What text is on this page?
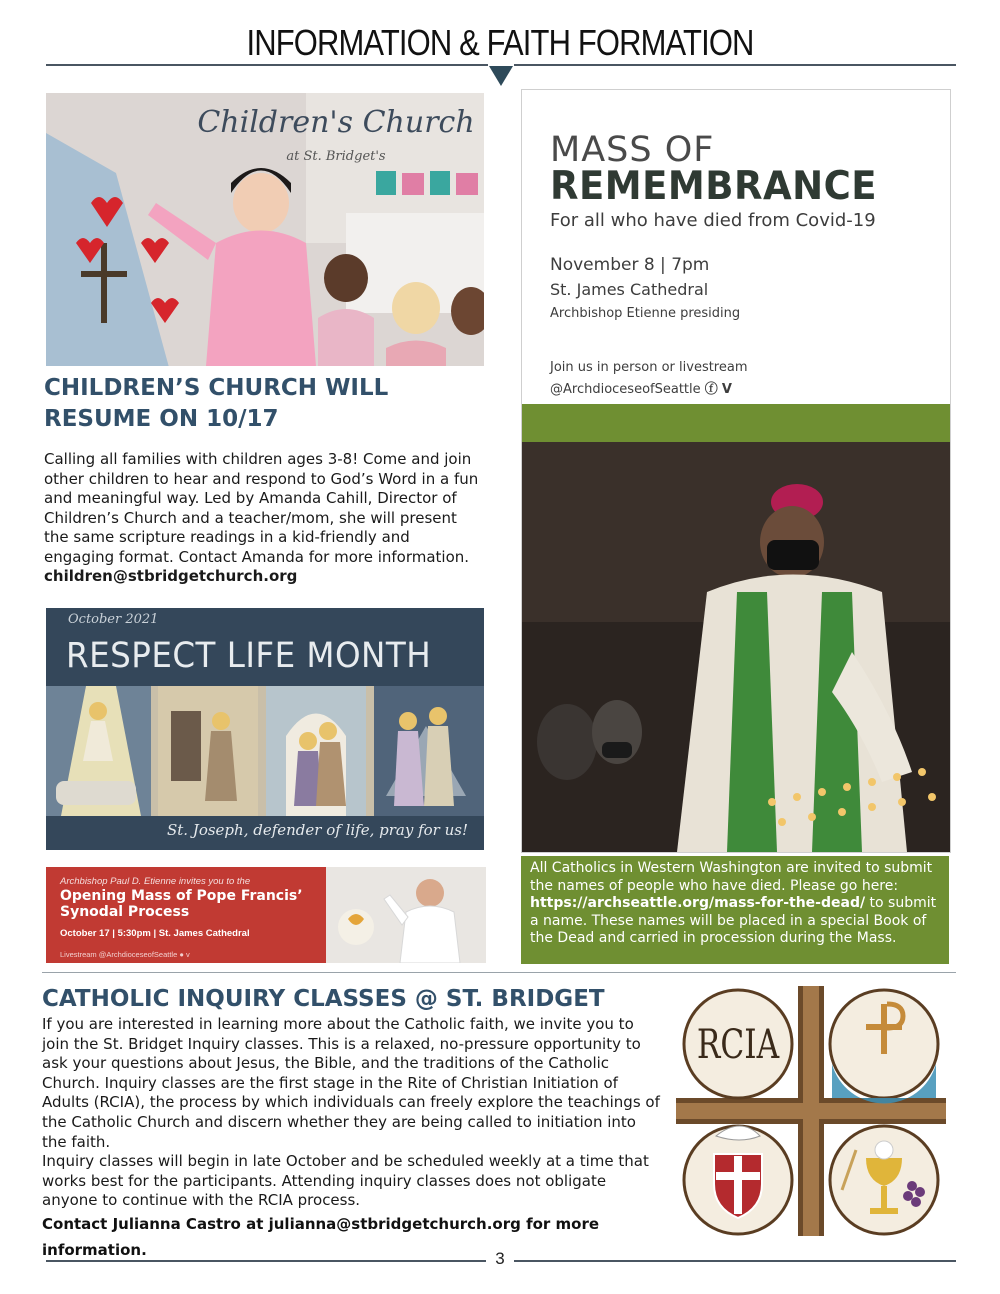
INFORMATION & FAITH FORMATION
Children's Church
at St. Bridget's
CHILDREN’S CHURCH WILL RESUME ON 10/17
Calling all families with children ages 3-8! Come and join other children to hear and respond to God’s Word in a fun and meaningful way. Led by Amanda Cahill, Director of Children’s Church and a teacher/mom, she will present the same scripture readings in a kid-friendly and engaging format. Contact Amanda for more information.  children@stbridgetchurch.org
October 2021
RESPECT LIFE MONTH
St. Joseph, defender of life, pray for us!
Archbishop Paul D. Etienne invites you to the
Opening Mass of Pope Francis’ Synodal Process
October 17 | 5:30pm | St. James Cathedral
Livestream @ArchdioceseofSeattle ● v
MASS OF
REMEMBRANCE
For all who have died from Covid-19
November 8 | 7pm
St. James Cathedral
Archbishop Etienne presiding
Join us in person or livestream
@ArchdioceseofSeattle ⓕ V
All Catholics in Western Washington are invited to submit the names of people who have died. Please go here: https://archseattle.org/mass-for-the-dead/ to submit a name. These names will be placed in a special Book of the Dead and carried in procession during the Mass.
CATHOLIC INQUIRY CLASSES @ ST. BRIDGET
If you are interested in learning more about the Catholic faith, we invite you to join the St. Bridget Inquiry classes. This is a relaxed, no-pressure opportunity to ask your questions about Jesus, the Bible, and the traditions of the Catholic Church. Inquiry classes are the first stage in the Rite of Christian Initiation of Adults (RCIA), the process by which individuals can freely explore the teachings of the Catholic Church and discern whether they are being called to initiation into the faith.
Inquiry classes will begin in late October and be scheduled weekly at a time that works best for the participants. Attending inquiry classes does not obligate anyone to continue with the RCIA process.
Contact Julianna Castro at julianna@stbridgetchurch.org for more information.
RCIA
3
